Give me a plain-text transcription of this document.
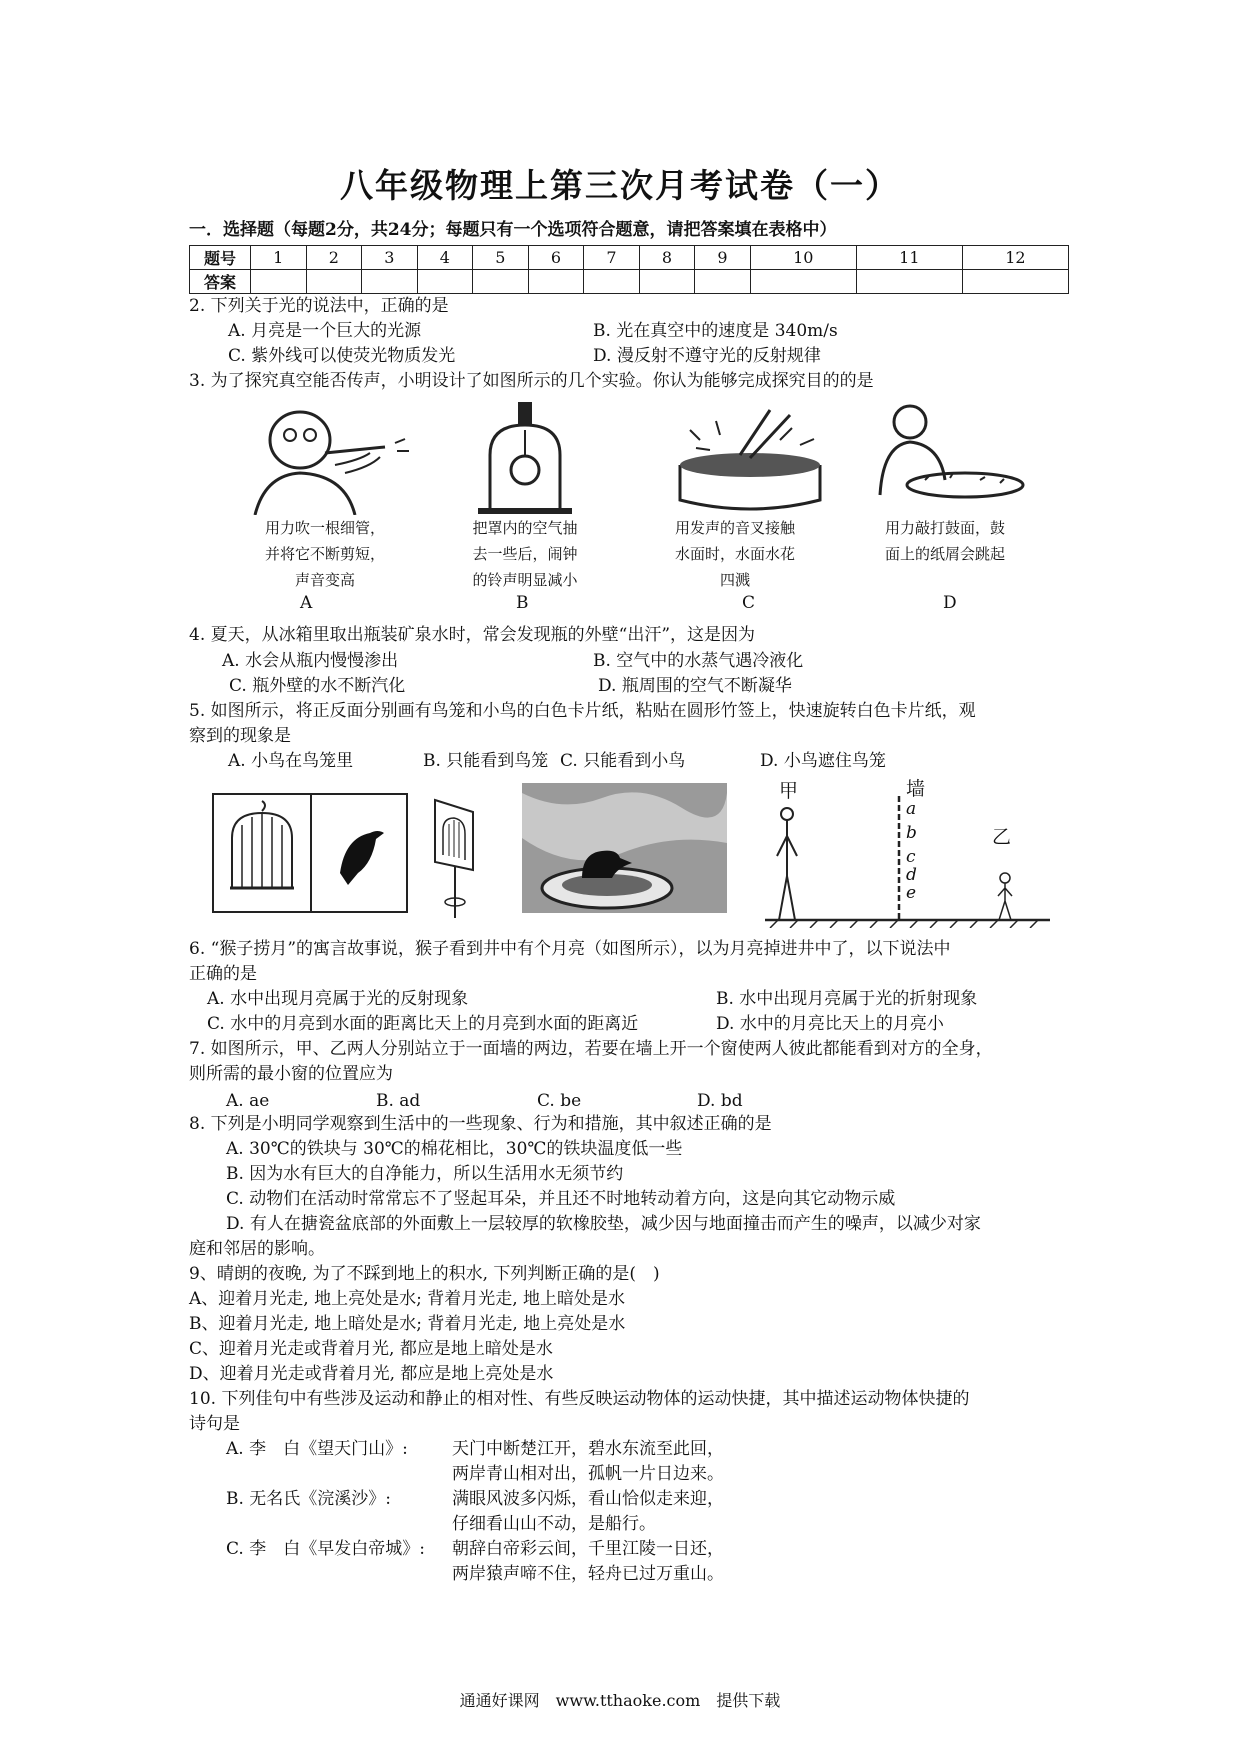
八年级物理上第三次月考试卷（一）
一．选择题（每题2分，共24分；每题只有一个选项符合题意，请把答案填在表格中）
题号	1	2	3	4	5	6	7	8	9	10	11	12
答案												
2. 下列关于光的说法中，正确的是
A. 月亮是一个巨大的光源	B. 光在真空中的速度是 340m/s
C. 紫外线可以使荧光物质发光	D. 漫反射不遵守光的反射规律
3. 为了探究真空能否传声，小明设计了如图所示的几个实验。你认为能够完成探究目的的是
用力吹一根细管，
并将它不断剪短，
声音变高
把罩内的空气抽
去一些后，闹钟
的铃声明显减小
用发声的音叉接触
水面时，水面水花
四溅
用力敲打鼓面，鼓
面上的纸屑会跳起
A	B	C	D
4. 夏天，从冰箱里取出瓶装矿泉水时，常会发现瓶的外壁“出汗”，这是因为
A. 水会从瓶内慢慢渗出	B. 空气中的水蒸气遇冷液化
C. 瓶外壁的水不断汽化	D. 瓶周围的空气不断凝华
5. 如图所示，将正反面分别画有鸟笼和小鸟的白色卡片纸，粘贴在圆形竹签上，快速旋转白色卡片纸，观
察到的现象是
A. 小鸟在鸟笼里	B. 只能看到鸟笼 C. 只能看到小鸟	D. 小鸟遮住鸟笼
甲
乙
墙
a
b
c
d
e
6. “猴子捞月”的寓言故事说，猴子看到井中有个月亮（如图所示），以为月亮掉进井中了，以下说法中
正确的是
A. 水中出现月亮属于光的反射现象	B. 水中出现月亮属于光的折射现象
C. 水中的月亮到水面的距离比天上的月亮到水面的距离近	D. 水中的月亮比天上的月亮小
7. 如图所示，甲、乙两人分别站立于一面墙的两边，若要在墙上开一个窗使两人彼此都能看到对方的全身，
则所需的最小窗的位置应为
A. ae	B. ad	C. be	D. bd
8. 下列是小明同学观察到生活中的一些现象、行为和措施，其中叙述正确的是
A. 30℃的铁块与 30℃的棉花相比，30℃的铁块温度低一些
B. 因为水有巨大的自净能力，所以生活用水无须节约
C. 动物们在活动时常常忘不了竖起耳朵，并且还不时地转动着方向，这是向其它动物示威
D. 有人在搪瓷盆底部的外面敷上一层较厚的软橡胶垫，减少因与地面撞击而产生的噪声，以减少对家
庭和邻居的影响。
9、晴朗的夜晚, 为了不踩到地上的积水, 下列判断正确的是(　)
A、迎着月光走, 地上亮处是水; 背着月光走, 地上暗处是水
B、迎着月光走, 地上暗处是水; 背着月光走, 地上亮处是水
C、迎着月光走或背着月光, 都应是地上暗处是水
D、迎着月光走或背着月光, 都应是地上亮处是水
10. 下列佳句中有些涉及运动和静止的相对性、有些反映运动物体的运动快捷，其中描述运动物体快捷的
诗句是
A. 李　白《望天门山》:	天门中断楚江开，碧水东流至此回，
两岸青山相对出，孤帆一片日边来。
B. 无名氏《浣溪沙》:	满眼风波多闪烁，看山恰似走来迎，
仔细看山山不动，是船行。
C. 李　白《早发白帝城》: 朝辞白帝彩云间，千里江陵一日还，
两岸猿声啼不住，轻舟已过万重山。
通通好课网　www.tthaoke.com　提供下载
